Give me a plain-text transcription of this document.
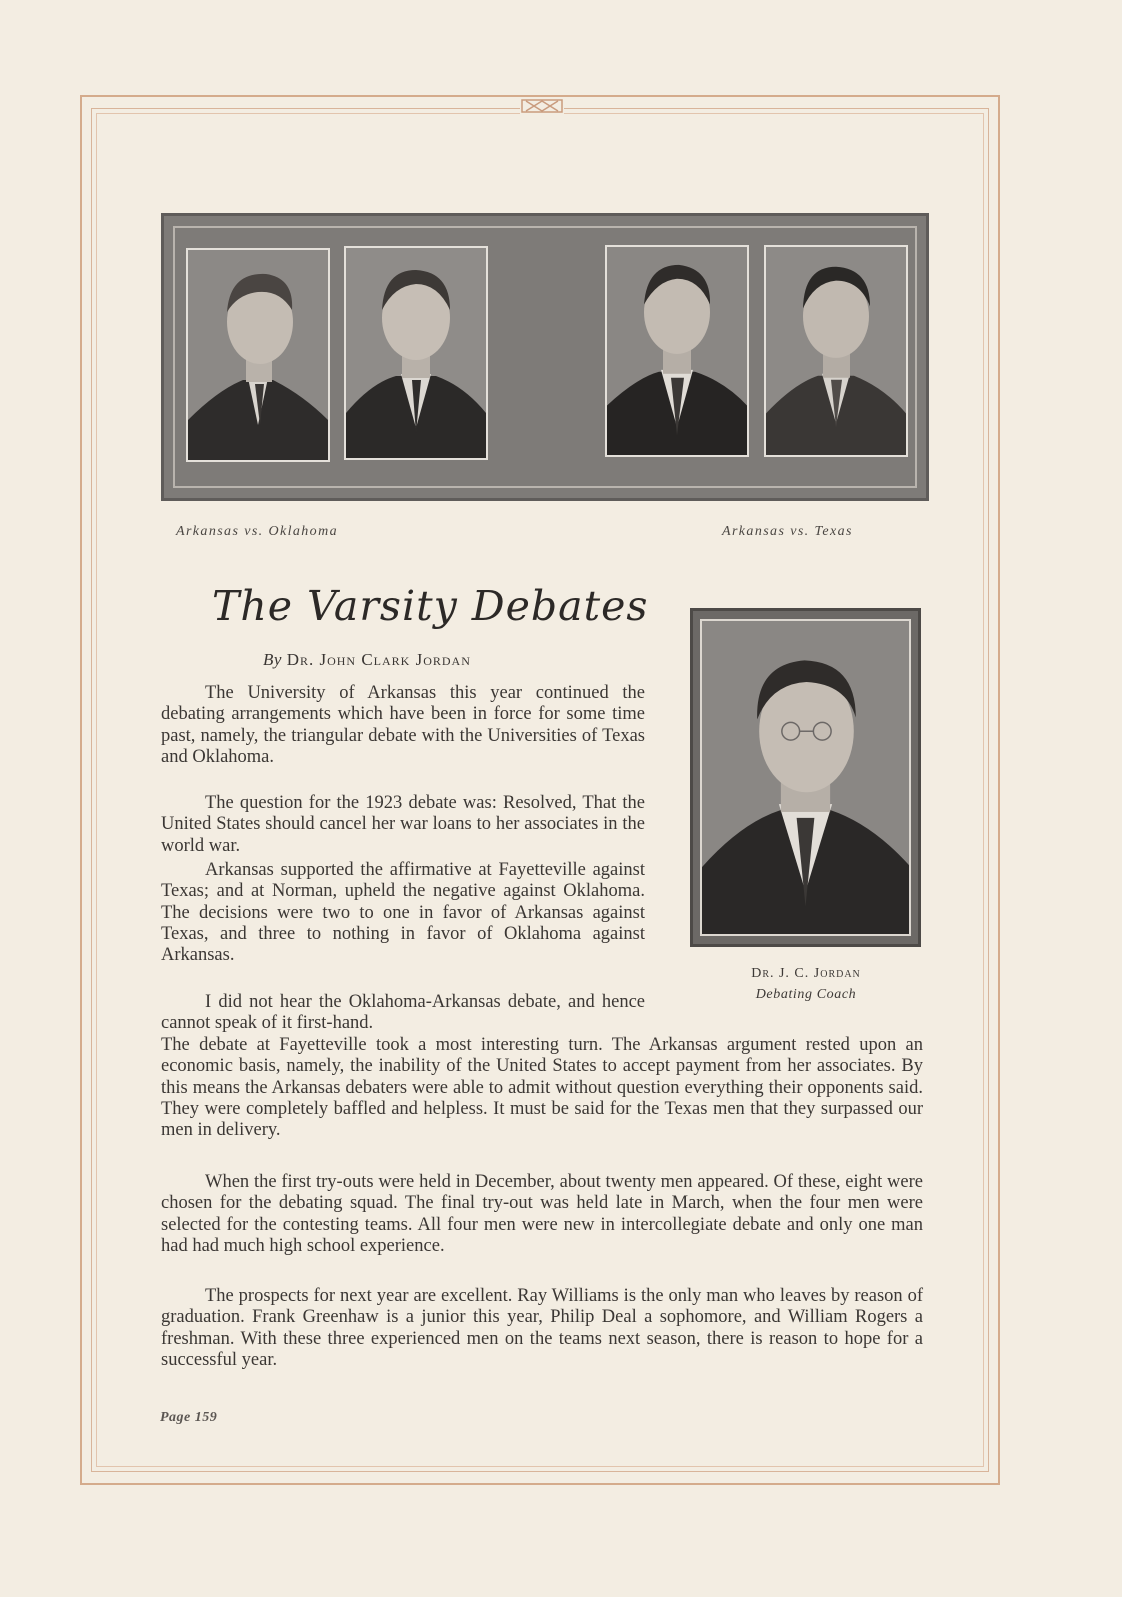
Arkansas vs. Oklahoma	Arkansas vs. Texas
The Varsity Debates
By Dr. John Clark Jordan
Dr. J. C. Jordan
Debating Coach

The University of Arkansas this year continued the debating arrangements which have been in force for some time past, namely, the triangular debate with the Universities of Texas and Oklahoma.

The question for the 1923 debate was: Resolved, That the United States should cancel her war loans to her associates in the world war.

Arkansas supported the affirmative at Fayetteville against Texas; and at Norman, upheld the negative against Oklahoma. The decisions were two to one in favor of Arkansas against Texas, and three to nothing in favor of Oklahoma against Arkansas.

I did not hear the Oklahoma-Arkansas debate, and hence cannot speak of it first-hand.

The debate at Fayetteville took a most interesting turn. The Arkansas argument rested upon an economic basis, namely, the inability of the United States to accept payment from her associates. By this means the Arkansas debaters were able to admit without question everything their opponents said. They were completely baffled and helpless. It must be said for the Texas men that they surpassed our men in delivery.

When the first try-outs were held in December, about twenty men appeared. Of these, eight were chosen for the debating squad. The final try-out was held late in March, when the four men were selected for the contesting teams. All four men were new in intercollegiate debate and only one man had had much high school experience.

The prospects for next year are excellent. Ray Williams is the only man who leaves by reason of graduation. Frank Greenhaw is a junior this year, Philip Deal a sophomore, and William Rogers a freshman. With these three experienced men on the teams next season, there is reason to hope for a successful year.

Page 159
